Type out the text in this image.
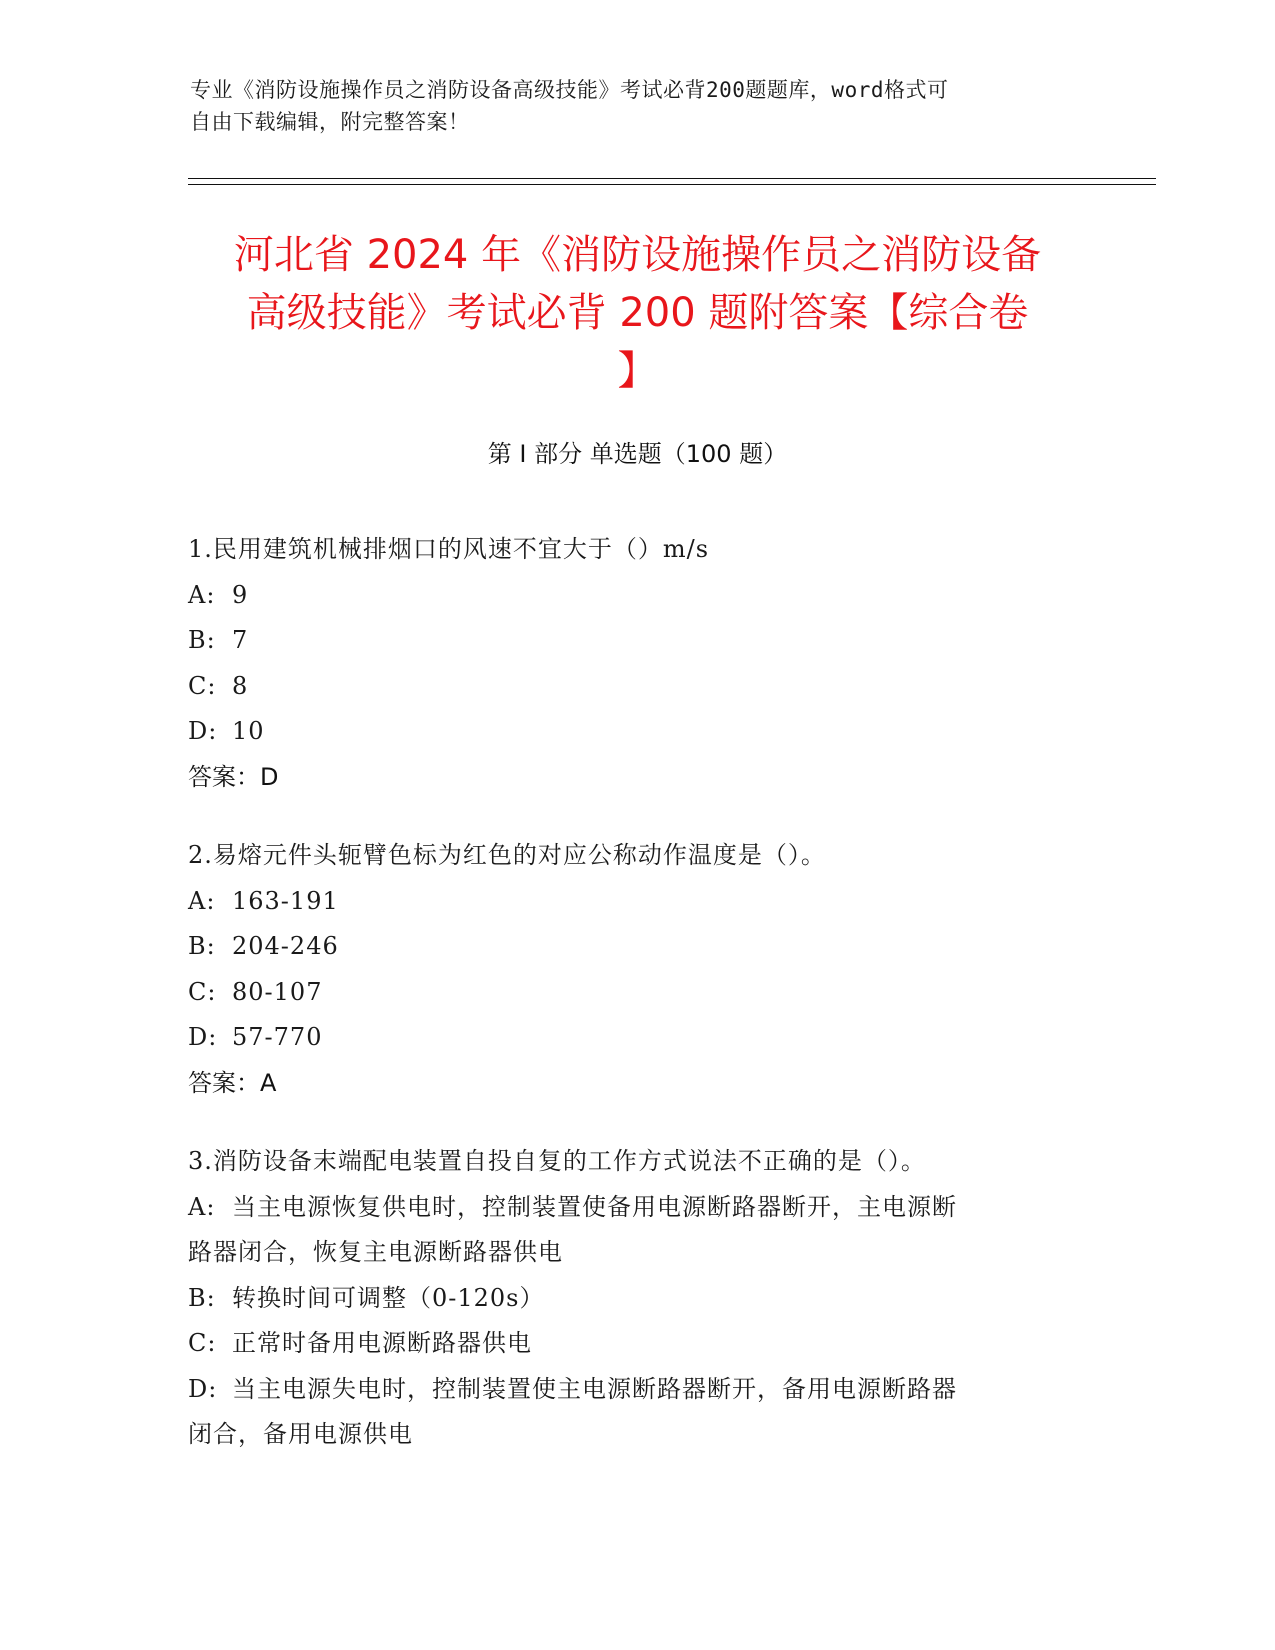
专业《消防设施操作员之消防设备高级技能》考试必背200题题库，word格式可
自由下载编辑，附完整答案！
河北省 2024 年《消防设施操作员之消防设备
高级技能》考试必背 200 题附答案【综合卷
】
第 I 部分 单选题（100 题）
1.民用建筑机械排烟口的风速不宜大于（）m/s
A: 9
B: 7
C: 8
D: 10
答案：D
2.易熔元件头轭臂色标为红色的对应公称动作温度是（）。
A: 163-191
B: 204-246
C: 80-107
D: 57-770
答案：A
3.消防设备末端配电装置自投自复的工作方式说法不正确的是（）。
A: 当主电源恢复供电时，控制装置使备用电源断路器断开，主电源断
路器闭合，恢复主电源断路器供电
B: 转换时间可调整（0-120s）
C: 正常时备用电源断路器供电
D: 当主电源失电时，控制装置使主电源断路器断开，备用电源断路器
闭合，备用电源供电
